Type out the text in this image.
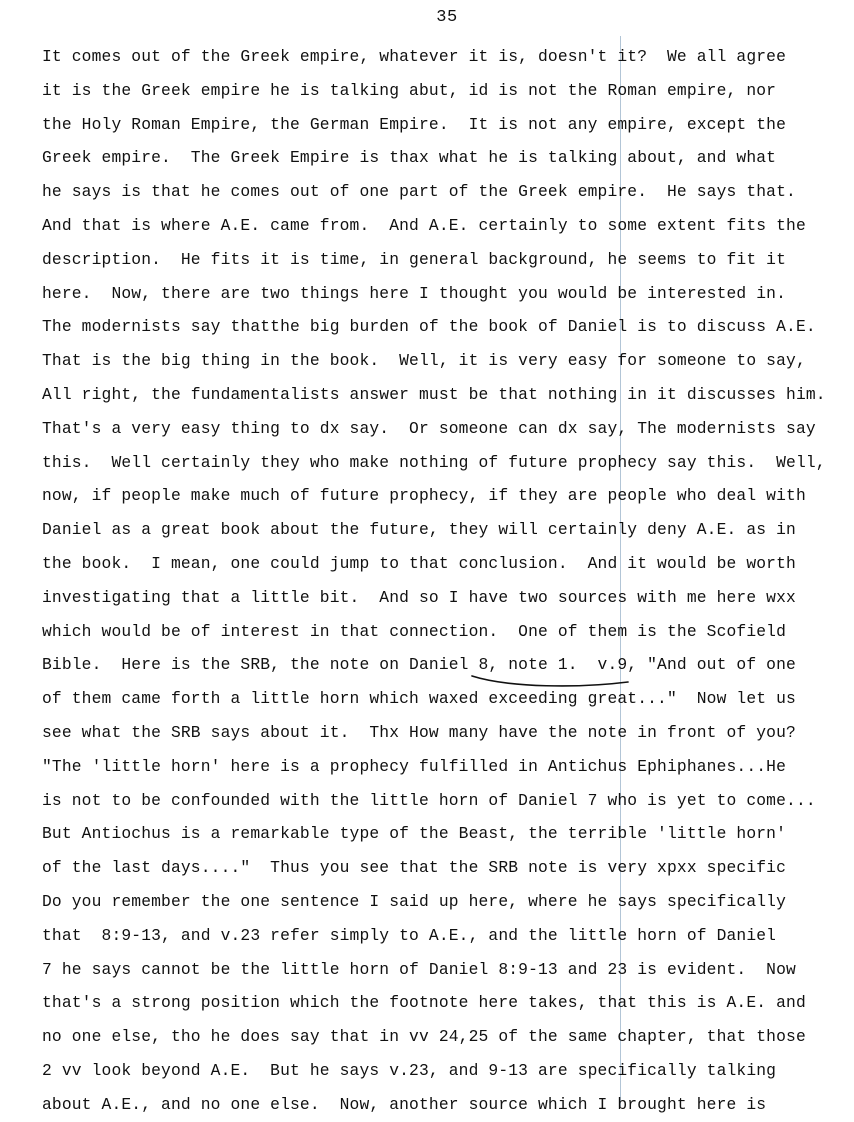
35
It comes out of the Greek empire, whatever it is, doesn't it?  We all agree
it is the Greek empire he is talking abut, id is not the Roman empire, nor
the Holy Roman Empire, the German Empire.  It is not any empire, except the
Greek empire.  The Greek Empire is thax what he is talking about, and what
he says is that he comes out of one part of the Greek empire.  He says that.
And that is where A.E. came from.  And A.E. certainly to some extent fits the
description.  He fits it is time, in general background, he seems to fit it
here.  Now, there are two things here I thought you would be interested in.
The modernists say thatthe big burden of the book of Daniel is to discuss A.E.
That is the big thing in the book.  Well, it is very easy for someone to say,
All right, the fundamentalists answer must be that nothing in it discusses him.
That's a very easy thing to dx say.  Or someone can dx say, The modernists say
this.  Well certainly they who make nothing of future prophecy say this.  Well,
now, if people make much of future prophecy, if they are people who deal with
Daniel as a great book about the future, they will certainly deny A.E. as in
the book.  I mean, one could jump to that conclusion.  And it would be worth
investigating that a little bit.  And so I have two sources with me here wxx
which would be of interest in that connection.  One of them is the Scofield
Bible.  Here is the SRB, the note on Daniel 8, note 1.  v.9, "And out of one
of them came forth a little horn which waxed exceeding great..."  Now let us
see what the SRB says about it.  Thx How many have the note in front of you?
"The 'little horn' here is a prophecy fulfilled in Antichus Ephiphanes...He
is not to be confounded with the little horn of Daniel 7 who is yet to come...
But Antiochus is a remarkable type of the Beast, the terrible 'little horn'
of the last days...."  Thus you see that the SRB note is very xpxx specific
Do you remember the one sentence I said up here, where he says specifically
that  8:9-13, and v.23 refer simply to A.E., and the little horn of Daniel
7 he says cannot be the little horn of Daniel 8:9-13 and 23 is evident.  Now
that's a strong position which the footnote here takes, that this is A.E. and
no one else, tho he does say that in vv 24,25 of the same chapter, that those
2 vv look beyond A.E.  But he says v.23, and 9-13 are specifically talking
about A.E., and no one else.  Now, another source which I brought here is
